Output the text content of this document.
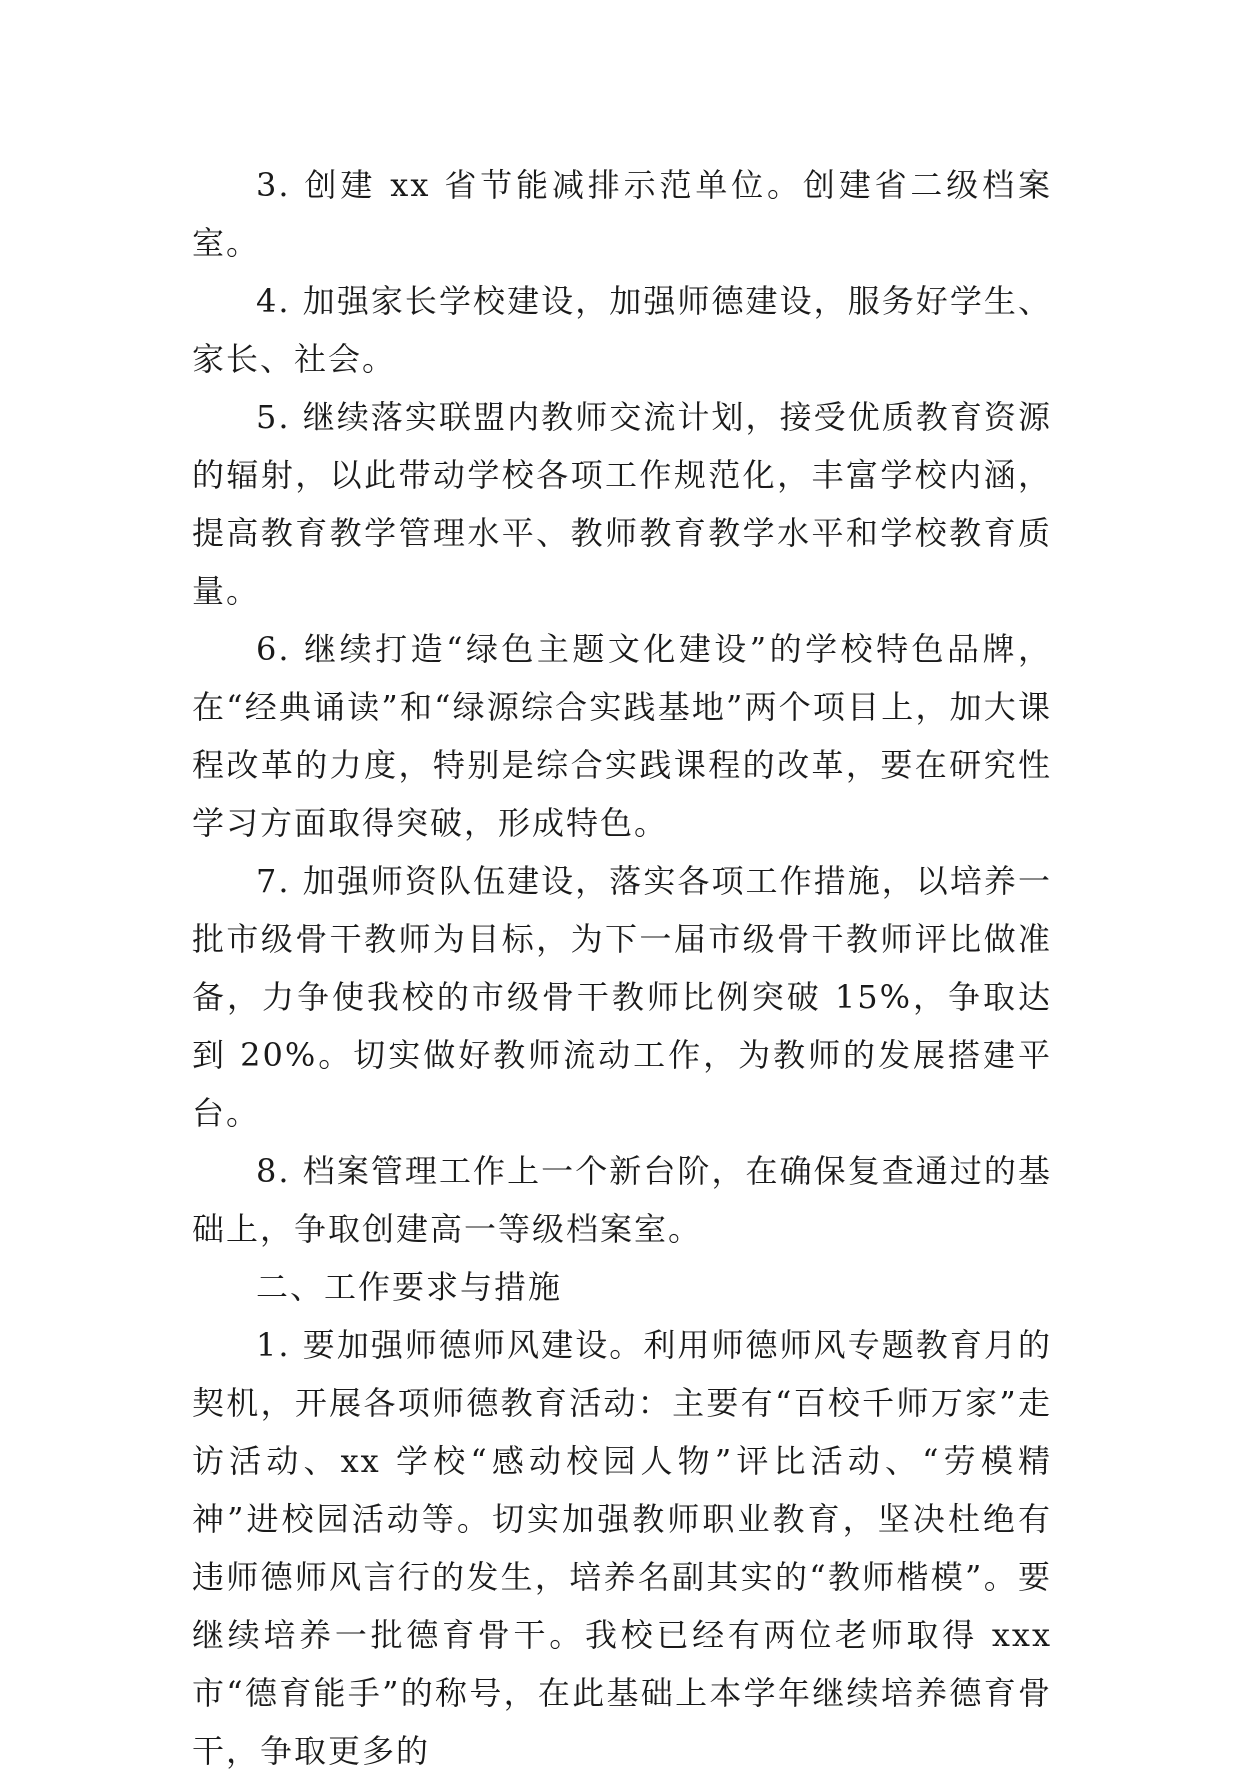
3. 创建 xx 省节能减排示范单位。创建省二级档案室。

4. 加强家长学校建设，加强师德建设，服务好学生、家长、社会。

5. 继续落实联盟内教师交流计划，接受优质教育资源的辐射，以此带动学校各项工作规范化，丰富学校内涵，提高教育教学管理水平、教师教育教学水平和学校教育质量。

6. 继续打造“绿色主题文化建设”的学校特色品牌，在“经典诵读”和“绿源综合实践基地”两个项目上，加大课程改革的力度，特别是综合实践课程的改革，要在研究性学习方面取得突破，形成特色。

7. 加强师资队伍建设，落实各项工作措施，以培养一批市级骨干教师为目标，为下一届市级骨干教师评比做准备，力争使我校的市级骨干教师比例突破 15%，争取达到 20%。切实做好教师流动工作，为教师的发展搭建平台。

8. 档案管理工作上一个新台阶，在确保复查通过的基础上，争取创建高一等级档案室。

二、工作要求与措施

1. 要加强师德师风建设。利用师德师风专题教育月的契机，开展各项师德教育活动：主要有“百校千师万家”走访活动、xx 学校“感动校园人物”评比活动、“劳模精神”进校园活动等。切实加强教师职业教育，坚决杜绝有违师德师风言行的发生，培养名副其实的“教师楷模”。要继续培养一批德育骨干。我校已经有两位老师取得 xxx 市“德育能手”的称号，在此基础上本学年继续培养德育骨干，争取更多的
